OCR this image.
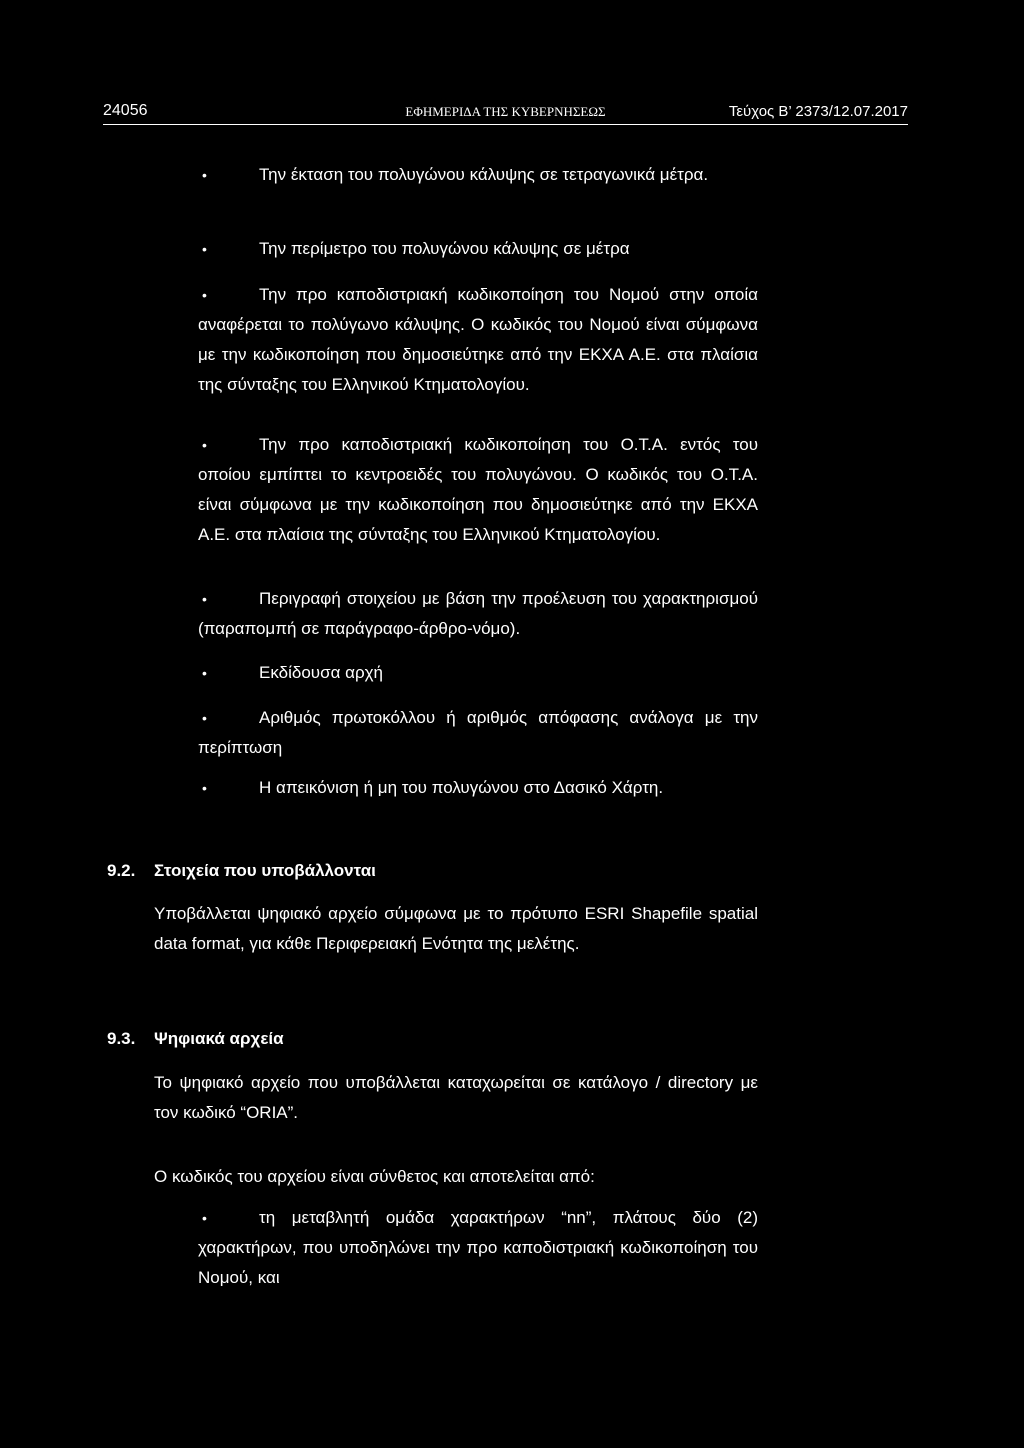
24056	ΕΦΗΜΕΡΙΔΑ ΤΗΣ ΚΥΒΕΡΝΗΣΕΩΣ	Τεύχος Β’ 2373/12.07.2017

• Την έκταση του πολυγώνου κάλυψης σε τετραγωνικά μέτρα.

• Την περίμετρο του πολυγώνου κάλυψης σε μέτρα

• Την προ καποδιστριακή κωδικοποίηση του Νομού στην οποία αναφέρεται το πολύγωνο κάλυψης. Ο κωδικός του Νομού είναι σύμφωνα με την κωδικοποίηση που δημοσιεύτηκε από την ΕΚΧΑ Α.Ε. στα πλαίσια της σύνταξης του Ελληνικού Κτηματολογίου.

• Την προ καποδιστριακή κωδικοποίηση του Ο.Τ.Α. εντός του οποίου εμπίπτει το κεντροειδές του πολυγώνου. Ο κωδικός του Ο.Τ.Α. είναι σύμφωνα με την κωδικοποίηση που δημοσιεύτηκε από την ΕΚΧΑ Α.Ε. στα πλαίσια της σύνταξης του Ελληνικού Κτηματολογίου.

• Περιγραφή στοιχείου με βάση την προέλευση του χαρακτηρισμού (παραπομπή σε παράγραφο-άρθρο-νόμο).

• Εκδίδουσα αρχή

• Αριθμός πρωτοκόλλου ή αριθμός απόφασης ανάλογα με την περίπτωση

• Η απεικόνιση ή μη του πολυγώνου στο Δασικό Χάρτη.

9.2. Στοιχεία που υποβάλλονται

Υποβάλλεται ψηφιακό αρχείο σύμφωνα με το πρότυπο ESRI Shapefile spatial data format, για κάθε Περιφερειακή Ενότητα της μελέτης.

9.3. Ψηφιακά αρχεία

Το ψηφιακό αρχείο που υποβάλλεται καταχωρείται σε κατάλογο / directory με τον κωδικό “ORIA”.

Ο κωδικός του αρχείου είναι σύνθετος και αποτελείται από:

• τη μεταβλητή ομάδα χαρακτήρων “nn”, πλάτους δύο (2) χαρακτήρων, που υποδηλώνει την προ καποδιστριακή κωδικοποίηση του Νομού, και
